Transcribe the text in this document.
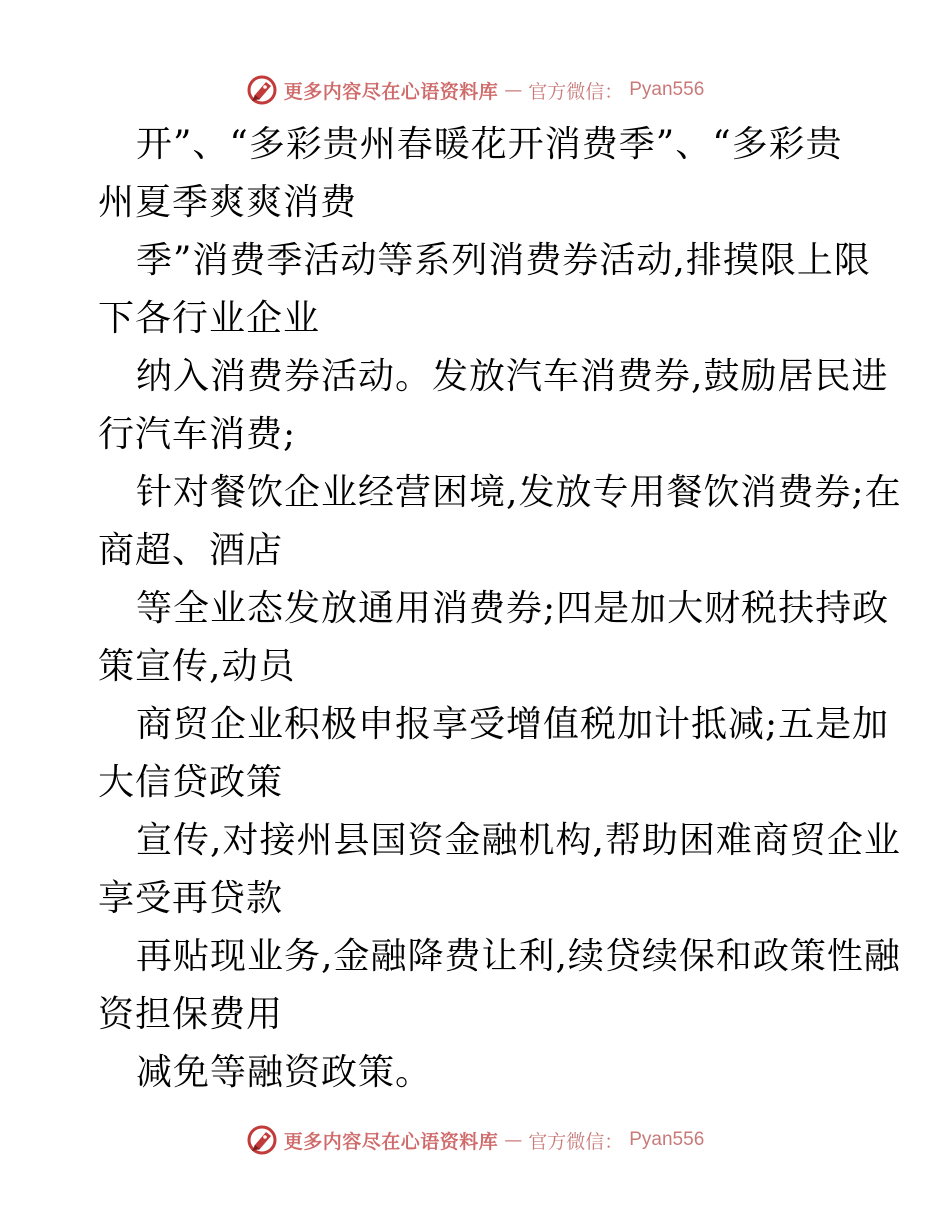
更多内容尽在心语资料库 — 官方微信： Pyan556
开”、“多彩贵州春暖花开消费季”、“多彩贵
州夏季爽爽消费
季”消费季活动等系列消费券活动,排摸限上限
下各行业企业
纳入消费券活动。发放汽车消费券,鼓励居民进
行汽车消费;
针对餐饮企业经营困境,发放专用餐饮消费券;在
商超、酒店
等全业态发放通用消费券;四是加大财税扶持政
策宣传,动员
商贸企业积极申报享受增值税加计抵减;五是加
大信贷政策
宣传,对接州县国资金融机构,帮助困难商贸企业
享受再贷款
再贴现业务,金融降费让利,续贷续保和政策性融
资担保费用
减免等融资政策。
更多内容尽在心语资料库 — 官方微信： Pyan556
